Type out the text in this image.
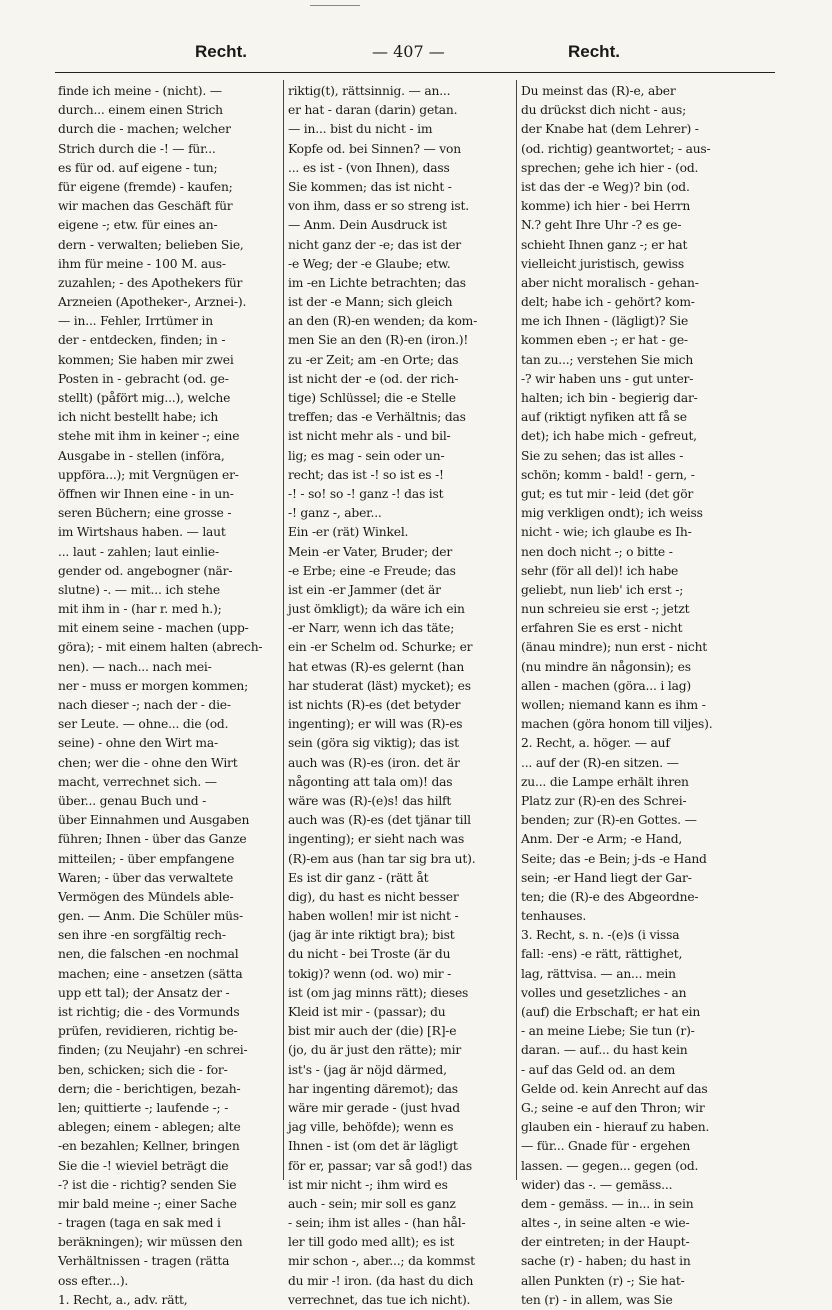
Recht.	— 407 —	Recht.
finde ich meine - (nicht). —
durch... einem einen Strich
durch die - machen; welcher
Strich durch die -! — für...
es für od. auf eigene - tun;
für eigene (fremde) - kaufen;
wir machen das Geschäft für
eigene -; etw. für eines an-
dern - verwalten; belieben Sie,
ihm für meine - 100 M. aus-
zuzahlen; - des Apothekers für
Arzneien (Apotheker-, Arznei-).
— in... Fehler, Irrtümer in
der - entdecken, finden; in -
kommen; Sie haben mir zwei
Posten in - gebracht (od. ge-
stellt) (påfört mig...), welche
ich nicht bestellt habe; ich
stehe mit ihm in keiner -; eine
Ausgabe in - stellen (införa,
uppföra...); mit Vergnügen er-
öffnen wir Ihnen eine - in un-
seren Büchern; eine grosse -
im Wirtshaus haben. — laut
... laut - zahlen; laut einlie-
gender od. angebogner (när-
slutne) -. — mit... ich stehe
mit ihm in - (har r. med h.);
mit einem seine - machen (upp-
göra); - mit einem halten (abrech-
nen). — nach... nach mei-
ner - muss er morgen kommen;
nach dieser -; nach der - die-
ser Leute. — ohne... die (od.
seine) - ohne den Wirt ma-
chen; wer die - ohne den Wirt
macht, verrechnet sich. —
über... genau Buch und -
über Einnahmen und Ausgaben
führen; Ihnen - über das Ganze
mitteilen; - über empfangene
Waren; - über das verwaltete
Vermögen des Mündels able-
gen. — Anm. Die Schüler müs-
sen ihre -en sorgfältig rech-
nen, die falschen -en nochmal
machen; eine - ansetzen (sätta
upp ett tal); der Ansatz der -
ist richtig; die - des Vormunds
prüfen, revidieren, richtig be-
finden; (zu Neujahr) -en schrei-
ben, schicken; sich die - for-
dern; die - berichtigen, bezah-
len; quittierte -; laufende -; -
ablegen; einem - ablegen; alte
-en bezahlen; Kellner, bringen
Sie die -! wieviel beträgt die
-? ist die - richtig? senden Sie
mir bald meine -; einer Sache
- tragen (taga en sak med i
beräkningen); wir müssen den
Verhältnissen - tragen (rätta
oss efter...).
1. Recht, a., adv. rätt,
riktig(t), rättsinnig. — an...
er hat - daran (darin) getan.
— in... bist du nicht - im
Kopfe od. bei Sinnen? — von
... es ist - (von Ihnen), dass
Sie kommen; das ist nicht -
von ihm, dass er so streng ist.
— Anm. Dein Ausdruck ist
nicht ganz der -e; das ist der
-e Weg; der -e Glaube; etw.
im -en Lichte betrachten; das
ist der -e Mann; sich gleich
an den (R)-en wenden; da kom-
men Sie an den (R)-en (iron.)!
zu -er Zeit; am -en Orte; das
ist nicht der -e (od. der rich-
tige) Schlüssel; die -e Stelle
treffen; das -e Verhältnis; das
ist nicht mehr als - und bil-
lig; es mag - sein oder un-
recht; das ist -! so ist es -!
-! - so! so -! ganz -! das ist
-! ganz -, aber...
Ein -er (rät) Winkel.
Mein -er Vater, Bruder; der
-e Erbe; eine -e Freude; das
ist ein -er Jammer (det är
just ömkligt); da wäre ich ein
-er Narr, wenn ich das täte;
ein -er Schelm od. Schurke; er
hat etwas (R)-es gelernt (han
har studerat (läst) mycket); es
ist nichts (R)-es (det betyder
ingenting); er will was (R)-es
sein (göra sig viktig); das ist
auch was (R)-es (iron. det är
någonting att tala om)! das
wäre was (R)-(e)s! das hilft
auch was (R)-es (det tjänar till
ingenting); er sieht nach was
(R)-em aus (han tar sig bra ut).
Es ist dir ganz - (rätt åt
dig), du hast es nicht besser
haben wollen! mir ist nicht -
(jag är inte riktigt bra); bist
du nicht - bei Troste (är du
tokig)? wenn (od. wo) mir -
ist (om jag minns rätt); dieses
Kleid ist mir - (passar); du
bist mir auch der (die) [R]-e
(jo, du är just den rätte); mir
ist's - (jag är nöjd därmed,
har ingenting däremot); das
wäre mir gerade - (just hvad
jag ville, behöfde); wenn es
Ihnen - ist (om det är lägligt
för er, passar; var så god!) das
ist mir nicht -; ihm wird es
auch - sein; mir soll es ganz
- sein; ihm ist alles - (han hål-
ler till godo med allt); es ist
mir schon -, aber...; da kommst
du mir -! iron. (da hast du dich
verrechnet, das tue ich nicht).
Du meinst das (R)-e, aber
du drückst dich nicht - aus;
der Knabe hat (dem Lehrer) -
(od. richtig) geantwortet; - aus-
sprechen; gehe ich hier - (od.
ist das der -e Weg)? bin (od.
komme) ich hier - bei Herrn
N.? geht Ihre Uhr -? es ge-
schieht Ihnen ganz -; er hat
vielleicht juristisch, gewiss
aber nicht moralisch - gehan-
delt; habe ich - gehört? kom-
me ich Ihnen - (lägligt)? Sie
kommen eben -; er hat - ge-
tan zu...; verstehen Sie mich
-? wir haben uns - gut unter-
halten; ich bin - begierig dar-
auf (riktigt nyfiken att få se
det); ich habe mich - gefreut,
Sie zu sehen; das ist alles -
schön; komm - bald! - gern, -
gut; es tut mir - leid (det gör
mig verkligen ondt); ich weiss
nicht - wie; ich glaube es Ih-
nen doch nicht -; o bitte -
sehr (för all del)! ich habe
geliebt, nun lieb' ich erst -;
nun schreieu sie erst -; jetzt
erfahren Sie es erst - nicht
(änau mindre); nun erst - nicht
(nu mindre än någonsin); es
allen - machen (göra... i lag)
wollen; niemand kann es ihm -
machen (göra honom till viljes).
2. Recht, a. höger. — auf
... auf der (R)-en sitzen. —
zu... die Lampe erhält ihren
Platz zur (R)-en des Schrei-
benden; zur (R)-en Gottes. —
Anm. Der -e Arm; -e Hand,
Seite; das -e Bein; j-ds -e Hand
sein; -er Hand liegt der Gar-
ten; die (R)-e des Abgeordne-
tenhauses.
3. Recht, s. n. -(e)s (i vissa
fall: -ens) -e rätt, rättighet,
lag, rättvisa. — an... mein
volles und gesetzliches - an
(auf) die Erbschaft; er hat ein
- an meine Liebe; Sie tun (r)-
daran. — auf... du hast kein
- auf das Geld od. an dem
Gelde od. kein Anrecht auf das
G.; seine -e auf den Thron; wir
glauben ein - hierauf zu haben.
— für... Gnade für - ergehen
lassen. — gegen... gegen (od.
wider) das -. — gemäss...
dem - gemäss. — in... in sein
altes -, in seine alten -e wie-
der eintreten; in der Haupt-
sache (r) - haben; du hast in
allen Punkten (r) -; Sie hat-
ten (r) - in allem, was Sie
